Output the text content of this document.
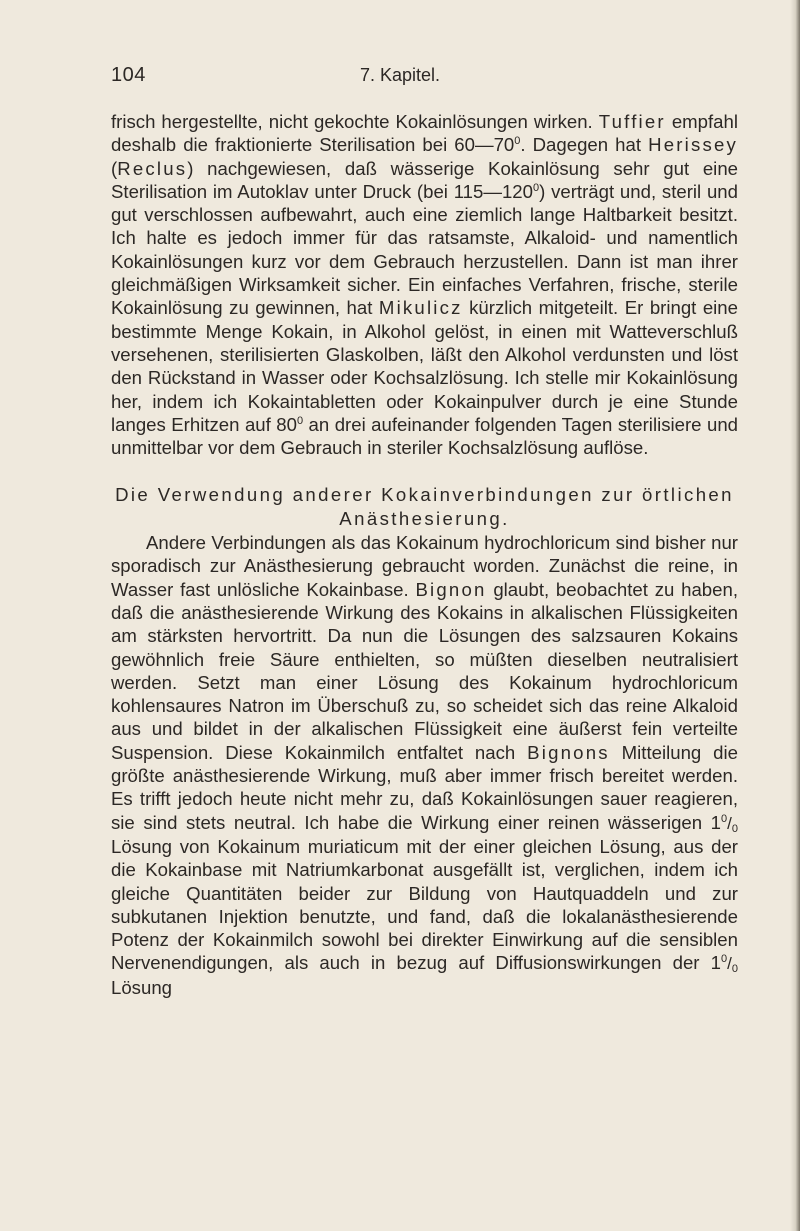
104	7. Kapitel.

frisch hergestellte, nicht gekochte Kokainlösungen wirken. Tuffier empfahl deshalb die fraktionierte Sterilisation bei $60—70^0$. Dagegen hat Herissey (Reclus) nachgewiesen, daß wässerige Kokainlösung sehr gut eine Sterilisation im Autoklav unter Druck (bei $115—120^0$) verträgt und, steril und gut verschlossen aufbewahrt, auch eine ziemlich lange Haltbarkeit besitzt. Ich halte es jedoch immer für das ratsamste, Alkaloid- und namentlich Kokainlösungen kurz vor dem Gebrauch herzustellen. Dann ist man ihrer gleichmäßigen Wirksamkeit sicher. Ein einfaches Verfahren, frische, sterile Kokainlösung zu gewinnen, hat Mikulicz kürzlich mitgeteilt. Er bringt eine bestimmte Menge Kokain, in Alkohol gelöst, in einen mit Watteverschluß versehenen, sterilisierten Glaskolben, läßt den Alkohol verdunsten und löst den Rückstand in Wasser oder Kochsalzlösung. Ich stelle mir Kokainlösung her, indem ich Kokaintabletten oder Kokainpulver durch je eine Stunde langes Erhitzen auf $80^0$ an drei aufeinander folgenden Tagen sterilisiere und unmittelbar vor dem Gebrauch in steriler Kochsalzlösung auflöse.

Die Verwendung anderer Kokainverbindungen zur örtlichen Anästhesierung.

Andere Verbindungen als das Kokainum hydrochloricum sind bisher nur sporadisch zur Anästhesierung gebraucht worden. Zunächst die reine, in Wasser fast unlösliche Kokainbase. Bignon glaubt, beobachtet zu haben, daß die anästhesierende Wirkung des Kokains in alkalischen Flüssigkeiten am stärksten hervortritt. Da nun die Lösungen des salzsauren Kokains gewöhnlich freie Säure enthielten, so müßten dieselben neutralisiert werden. Setzt man einer Lösung des Kokainum hydrochloricum kohlensaures Natron im Überschuß zu, so scheidet sich das reine Alkaloid aus und bildet in der alkalischen Flüssigkeit eine äußerst fein verteilte Suspension. Diese Kokainmilch entfaltet nach Bignons Mitteilung die größte anästhesierende Wirkung, muß aber immer frisch bereitet werden. Es trifft jedoch heute nicht mehr zu, daß Kokainlösungen sauer reagieren, sie sind stets neutral. Ich habe die Wirkung einer reinen wässerigen $1^0/_0$ Lösung von Kokainum muriaticum mit der einer gleichen Lösung, aus der die Kokainbase mit Natriumkarbonat ausgefällt ist, verglichen, indem ich gleiche Quantitäten beider zur Bildung von Hautquaddeln und zur subkutanen Injektion benutzte, und fand, daß die lokalanästhesierende Potenz der Kokainmilch sowohl bei direkter Einwirkung auf die sensiblen Nervenendigungen, als auch in bezug auf Diffusionswirkungen der $1^0/_0$ Lösung
